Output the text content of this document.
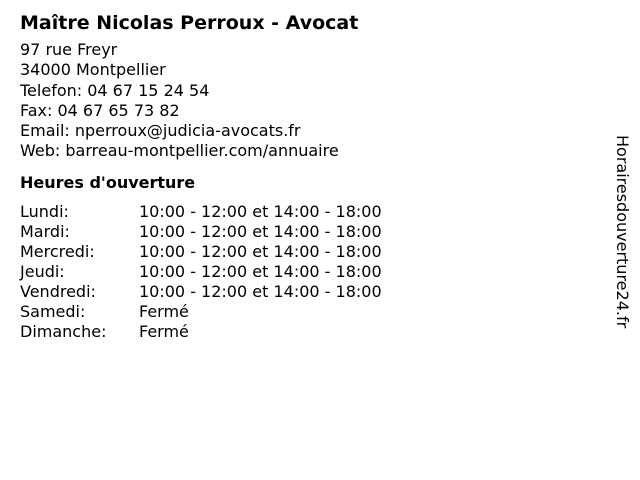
Maître Nicolas Perroux - Avocat
97 rue Freyr
34000 Montpellier
Telefon: 04 67 15 24 54
Fax: 04 67 65 73 82
Email: nperroux@judicia-avocats.fr
Web: barreau-montpellier.com/annuaire
Heures d'ouverture
Lundi:	10:00 - 12:00 et 14:00 - 18:00
Mardi:	10:00 - 12:00 et 14:00 - 18:00
Mercredi:	10:00 - 12:00 et 14:00 - 18:00
Jeudi:	10:00 - 12:00 et 14:00 - 18:00
Vendredi:	10:00 - 12:00 et 14:00 - 18:00
Samedi:	Fermé
Dimanche:	Fermé
Horairesdouverture24.fr
